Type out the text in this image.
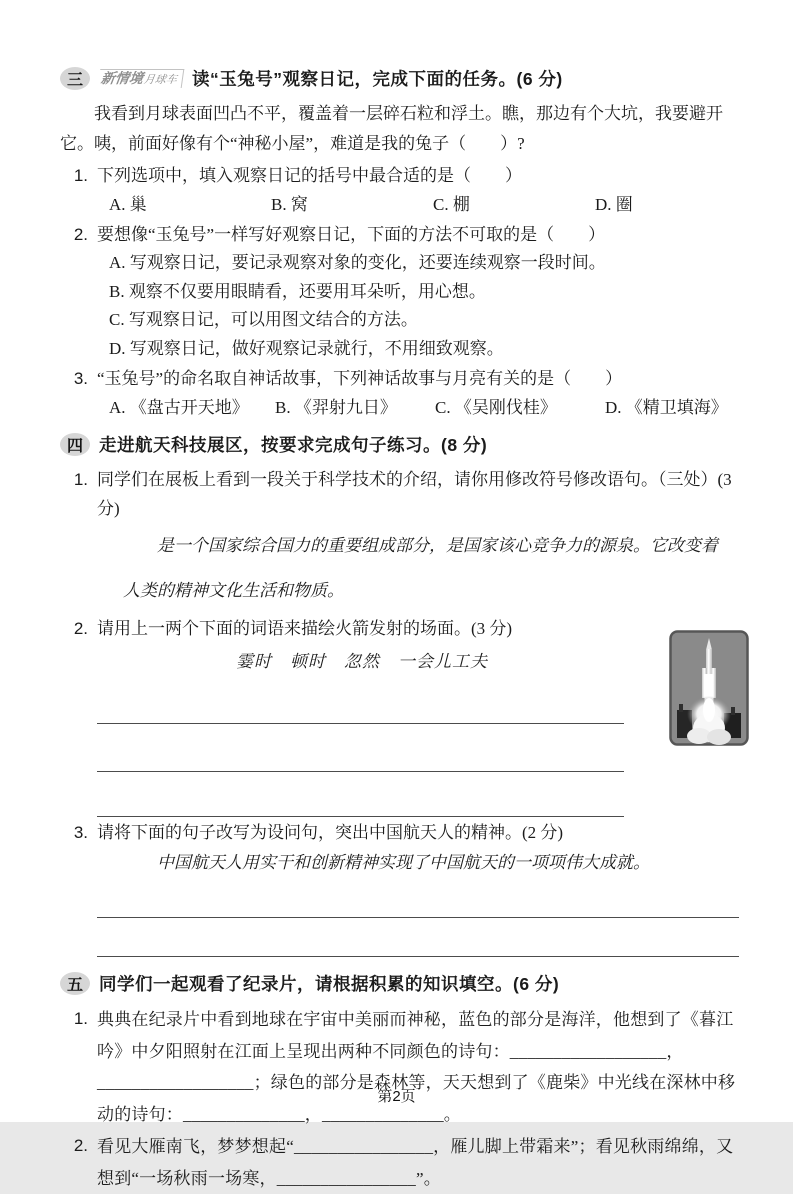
三	新情境
月球车 读“玉兔号”观察日记，完成下面的任务。(6 分)
我看到月球表面凹凸不平，覆盖着一层碎石粒和浮土。瞧，那边有个大坑，我要避开它。咦，前面好像有个“神秘小屋”，难道是我的兔子（　　）?
1. 下列选项中，填入观察日记的括号中最合适的是（　　）
A. 巢	B. 窝	C. 棚	D. 圈
2. 要想像“玉兔号”一样写好观察日记，下面的方法不可取的是（　　）
A. 写观察日记，要记录观察对象的变化，还要连续观察一段时间。
B. 观察不仅要用眼睛看，还要用耳朵听，用心想。
C. 写观察日记，可以用图文结合的方法。
D. 写观察日记，做好观察记录就行，不用细致观察。
3. “玉兔号”的命名取自神话故事，下列神话故事与月亮有关的是（　　）
A. 《盘古开天地》	B. 《羿射九日》	C. 《吴刚伐桂》	D. 《精卫填海》
四 走进航天科技展区，按要求完成句子练习。(8 分)
1. 同学们在展板上看到一段关于科学技术的介绍，请你用修改符号修改语句。（三处）(3 分)
是一个国家综合国力的重要组成部分，是国家该心竞争力的源泉。它改变着人类的精神文化生活和物质。
2. 请用上一两个下面的词语来描绘火箭发射的场面。(3 分)
霎时　顿时　忽然　一会儿工夫
3. 请将下面的句子改写为设问句，突出中国航天人的精神。(2 分)
中国航天人用实干和创新精神实现了中国航天的一项项伟大成就。
五 同学们一起观看了纪录片，请根据积累的知识填空。(6 分)
1. 典典在纪录片中看到地球在宇宙中美丽而神秘，蓝色的部分是海洋，他想到了《暮江吟》中夕阳照射在江面上呈现出两种不同颜色的诗句：__________________，__________________；绿色的部分是森林等，天天想到了《鹿柴》中光线在深林中移动的诗句：______________，______________。
2. 看见大雁南飞，梦梦想起“________________，雁儿脚上带霜来”；看见秋雨绵绵，又想到“一场秋雨一场寒，________________”。
第2页
